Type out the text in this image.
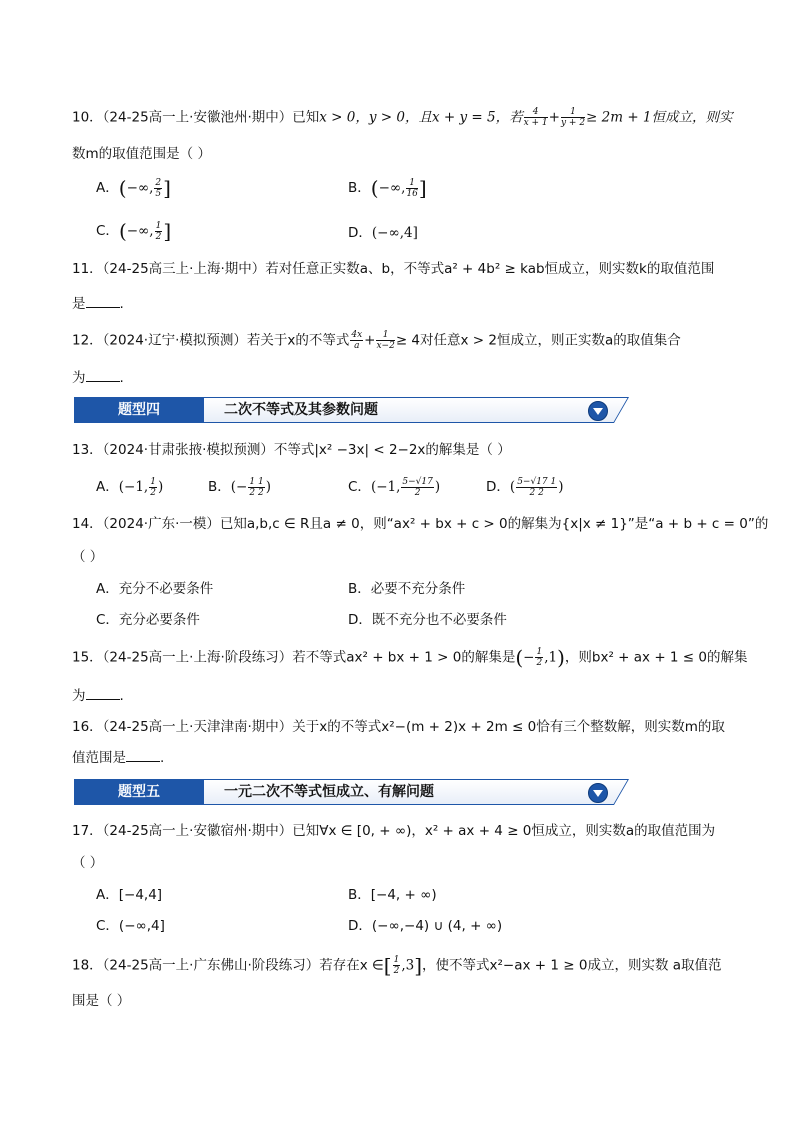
10．（24-25高一上·安徽池州·期中）已知x > 0，y > 0，且x + y = 5，若 $\frac{4}{x + 1} + \frac{1}{y + 2} \ge 2m + 1$恒成立，则实
数m的取值范围是（ ）
A．(−∞, $\frac{2}{5}$ ]	B．(−∞, $\frac{1}{16}$ ]
C．(−∞, $\frac{1}{2}$ ]	D．(−∞,4]
11．（24-25高三上·上海·期中）若对任意正实数a、b，不等式a² + 4b² ≥ kab恒成立，则实数k的取值范围
是	.
12．（2024·辽宁·模拟预测）若关于x的不等式 $\frac{4x}{a} + \frac{1}{x-2} \ge 4$对任意x > 2恒成立，则正实数a的取值集合
为	.
题型四	二次不等式及其参数问题
13．（2024·甘肃张掖·模拟预测）不等式|x² −3x| < 2−2x的解集是（ ）
A．(−1, $\frac{1}{2}$ )	B．(− $\frac{1 1}{2 2}$ )	C．(−1, $\frac{5-√17}{2}$ )	D．( $\frac{5-√17 1}{2 2}$ )
14．（2024·广东·一模）已知a,b,c ∈ R且a ≠ 0，则“ax² + bx + c > 0的解集为{x|x ≠ 1}”是“a + b + c = 0”的
（ ）
A．充分不必要条件	B．必要不充分条件
C．充分必要条件	D．既不充分也不必要条件
15．（24-25高一上·上海·阶段练习）若不等式ax² + bx + 1 > 0的解集是(− $\frac{1}{2} ,1$)，则bx² + ax + 1 ≤ 0的解集
为	.
16．（24-25高一上·天津津南·期中）关于x的不等式x²−(m + 2)x + 2m ≤ 0恰有三个整数解，则实数m的取
值范围是	.
题型五	一元二次不等式恒成立、有解问题
17．（24-25高一上·安徽宿州·期中）已知∀x ∈ [0, + ∞)，x² + ax + 4 ≥ 0恒成立，则实数a的取值范围为
（ ）
A．[−4,4]	B．[−4, + ∞)
C．(−∞,4]	D．(−∞,−4) ∪ (4, + ∞)
18．（24-25高一上·广东佛山·阶段练习）若存在x ∈[ $\frac{1}{2} ,3$]，使不等式x²−ax + 1 ≥ 0成立，则实数 a取值范
围是（ ）
